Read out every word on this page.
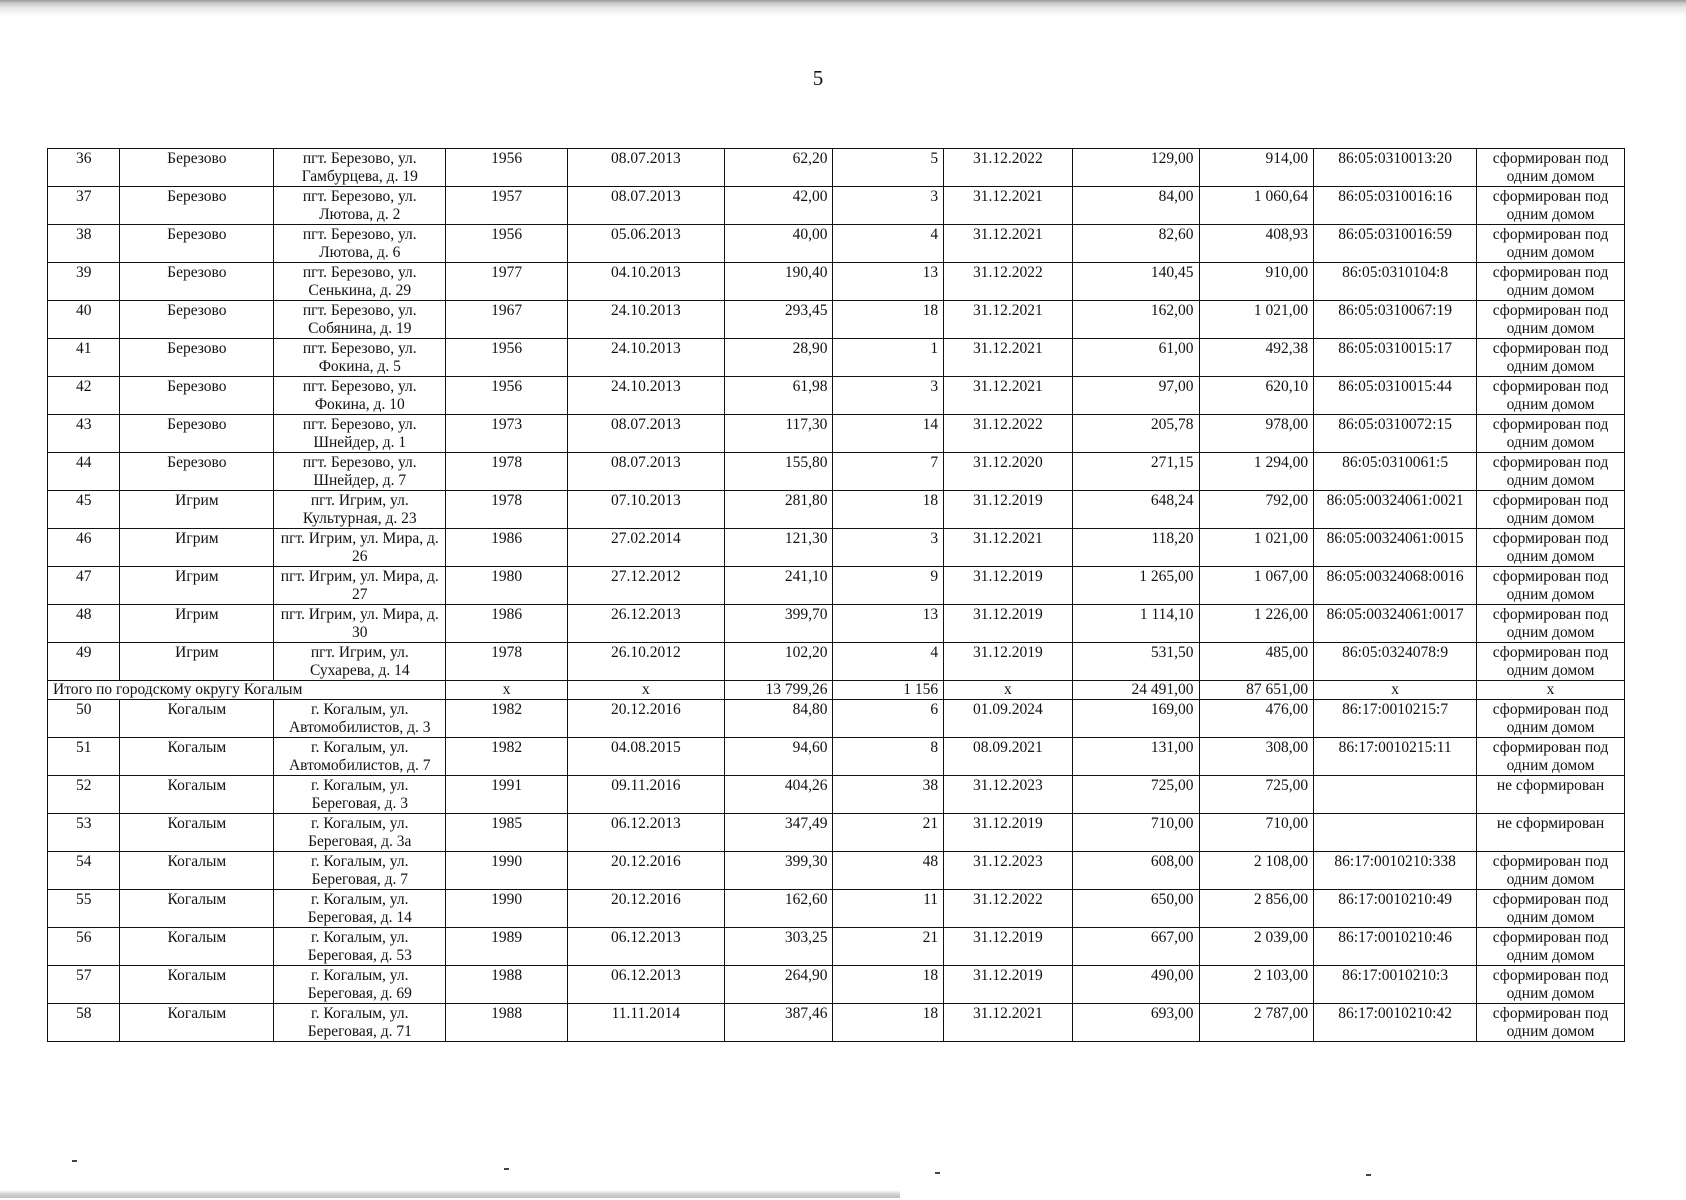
5
36	Березово	пгт. Березово, ул. Гамбурцева, д. 19	1956	08.07.2013	62,20	5	31.12.2022	129,00	914,00	86:05:0310013:20	сформирован под одним домом
37	Березово	пгт. Березово, ул. Лютова, д. 2	1957	08.07.2013	42,00	3	31.12.2021	84,00	1 060,64	86:05:0310016:16	сформирован под одним домом
38	Березово	пгт. Березово, ул. Лютова, д. 6	1956	05.06.2013	40,00	4	31.12.2021	82,60	408,93	86:05:0310016:59	сформирован под одним домом
39	Березово	пгт. Березово, ул. Сенькина, д. 29	1977	04.10.2013	190,40	13	31.12.2022	140,45	910,00	86:05:0310104:8	сформирован под одним домом
40	Березово	пгт. Березово, ул. Собянина, д. 19	1967	24.10.2013	293,45	18	31.12.2021	162,00	1 021,00	86:05:0310067:19	сформирован под одним домом
41	Березово	пгт. Березово, ул. Фокина, д. 5	1956	24.10.2013	28,90	1	31.12.2021	61,00	492,38	86:05:0310015:17	сформирован под одним домом
42	Березово	пгт. Березово, ул. Фокина, д. 10	1956	24.10.2013	61,98	3	31.12.2021	97,00	620,10	86:05:0310015:44	сформирован под одним домом
43	Березово	пгт. Березово, ул. Шнейдер, д. 1	1973	08.07.2013	117,30	14	31.12.2022	205,78	978,00	86:05:0310072:15	сформирован под одним домом
44	Березово	пгт. Березово, ул. Шнейдер, д. 7	1978	08.07.2013	155,80	7	31.12.2020	271,15	1 294,00	86:05:0310061:5	сформирован под одним домом
45	Игрим	пгт. Игрим, ул. Культурная, д. 23	1978	07.10.2013	281,80	18	31.12.2019	648,24	792,00	86:05:00324061:0021	сформирован под одним домом
46	Игрим	пгт. Игрим, ул. Мира, д. 26	1986	27.02.2014	121,30	3	31.12.2021	118,20	1 021,00	86:05:00324061:0015	сформирован под одним домом
47	Игрим	пгт. Игрим, ул. Мира, д. 27	1980	27.12.2012	241,10	9	31.12.2019	1 265,00	1 067,00	86:05:00324068:0016	сформирован под одним домом
48	Игрим	пгт. Игрим, ул. Мира, д. 30	1986	26.12.2013	399,70	13	31.12.2019	1 114,10	1 226,00	86:05:00324061:0017	сформирован под одним домом
49	Игрим	пгт. Игрим, ул. Сухарева, д. 14	1978	26.10.2012	102,20	4	31.12.2019	531,50	485,00	86:05:0324078:9	сформирован под одним домом
Итого по городскому округу Когалым			x	x	13 799,26	1 156	x	24 491,00	87 651,00	x	x
50	Когалым	г. Когалым, ул. Автомобилистов, д. 3	1982	20.12.2016	84,80	6	01.09.2024	169,00	476,00	86:17:0010215:7	сформирован под одним домом
51	Когалым	г. Когалым, ул. Автомобилистов, д. 7	1982	04.08.2015	94,60	8	08.09.2021	131,00	308,00	86:17:0010215:11	сформирован под одним домом
52	Когалым	г. Когалым, ул. Береговая, д. 3	1991	09.11.2016	404,26	38	31.12.2023	725,00	725,00		не сформирован
53	Когалым	г. Когалым, ул. Береговая, д. 3а	1985	06.12.2013	347,49	21	31.12.2019	710,00	710,00		не сформирован
54	Когалым	г. Когалым, ул. Береговая, д. 7	1990	20.12.2016	399,30	48	31.12.2023	608,00	2 108,00	86:17:0010210:338	сформирован под одним домом
55	Когалым	г. Когалым, ул. Береговая, д. 14	1990	20.12.2016	162,60	11	31.12.2022	650,00	2 856,00	86:17:0010210:49	сформирован под одним домом
56	Когалым	г. Когалым, ул. Береговая, д. 53	1989	06.12.2013	303,25	21	31.12.2019	667,00	2 039,00	86:17:0010210:46	сформирован под одним домом
57	Когалым	г. Когалым, ул. Береговая, д. 69	1988	06.12.2013	264,90	18	31.12.2019	490,00	2 103,00	86:17:0010210:3	сформирован под одним домом
58	Когалым	г. Когалым, ул. Береговая, д. 71	1988	11.11.2014	387,46	18	31.12.2021	693,00	2 787,00	86:17:0010210:42	сформирован под одним домом
